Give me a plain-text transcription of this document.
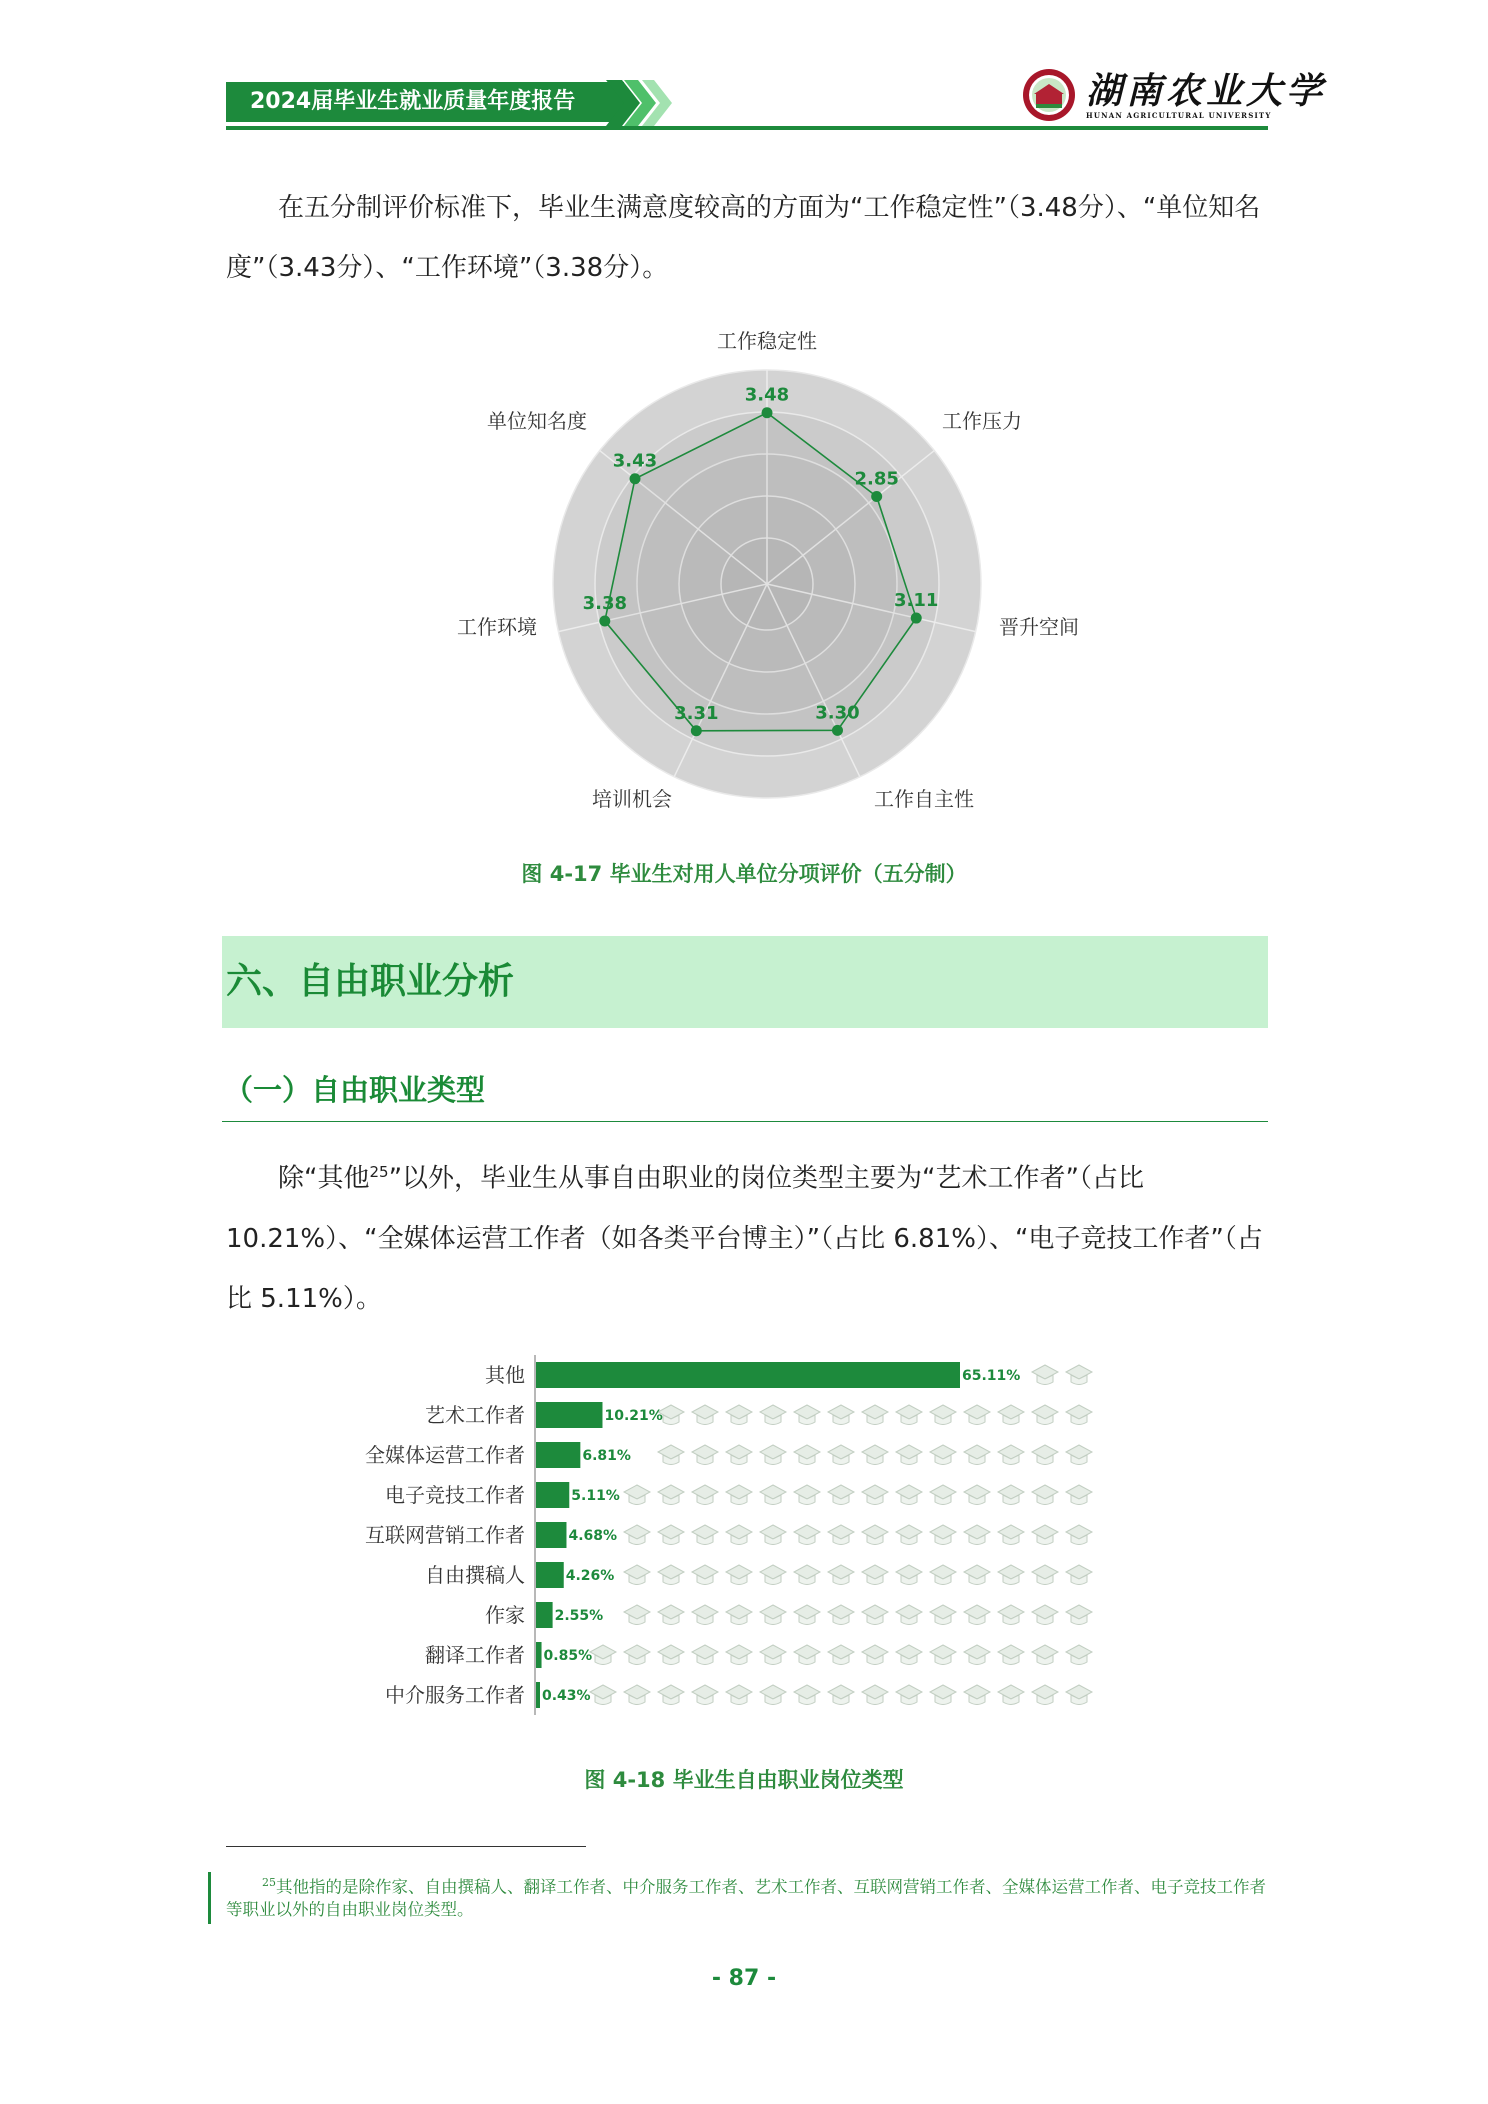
2024届毕业生就业质量年度报告	湖南农业大学
HUNAN AGRICULTURAL UNIVERSITY

在五分制评价标准下，毕业生满意度较高的方面为“工作稳定性”（3.48分）、“单位知名度”（3.43分）、“工作环境”（3.38分）。

3.48
2.85
3.11
3.30
3.31
3.38
3.43
工作稳定性
工作压力
晋升空间
工作自主性
培训机会
工作环境
单位知名度
图 4-17 毕业生对用人单位分项评价（五分制）
六、自由职业分析
（一）自由职业类型

除“其他$^{25}$”以外，毕业生从事自由职业的岗位类型主要为“艺术工作者”（占比10.21%）、“全媒体运营工作者（如各类平台博主）”（占比 6.81%）、“电子竞技工作者”（占比 5.11%）。

其他	65.11%
艺术工作者	10.21%
全媒体运营工作者	6.81%
电子竞技工作者	5.11%
互联网营销工作者	4.68%
自由撰稿人	4.26%
作家 2.55%
翻译工作者 0.85%
中介服务工作者 0.43%
图 4-18 毕业生自由职业岗位类型
$^{25}$其他指的是除作家、自由撰稿人、翻译工作者、中介服务工作者、艺术工作者、互联网营销工作者、全媒体运营工作者、电子竞技工作者等职业以外的自由职业岗位类型。
- 87 -
